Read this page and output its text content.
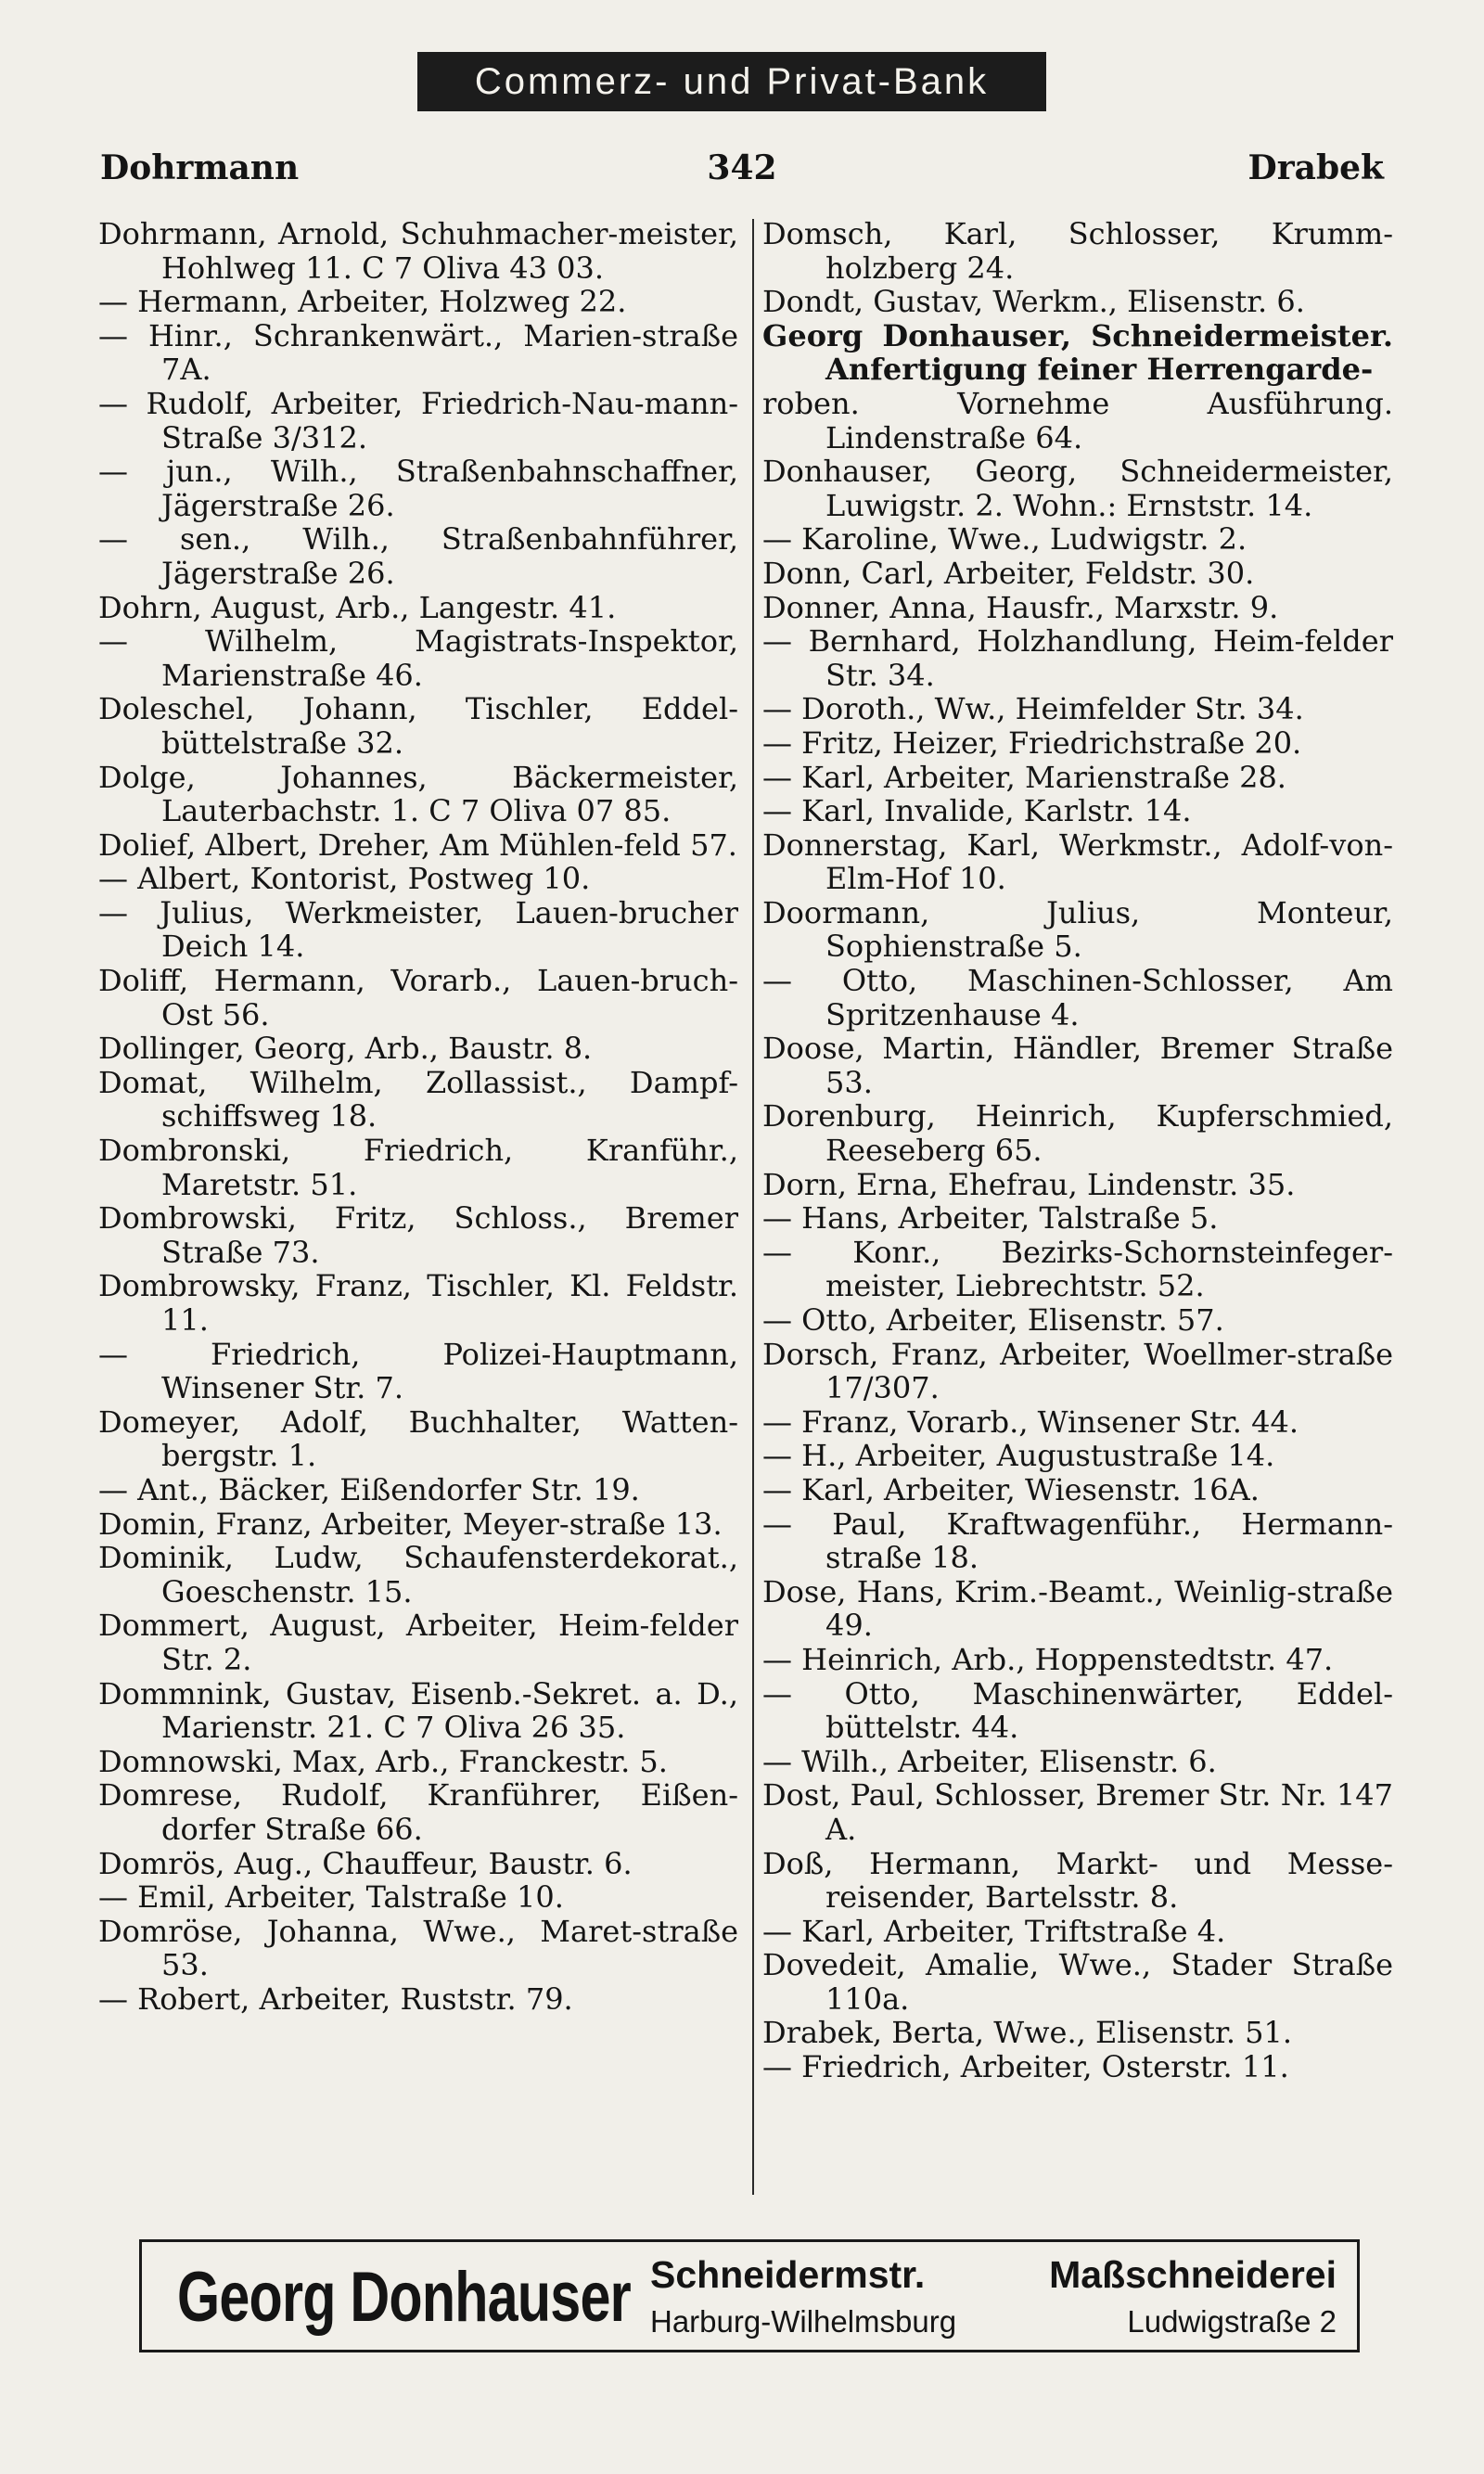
Commerz- und Privat-Bank
Dohrmann	342	Drabek

Dohrmann, Arnold, Schuhmacher-meister, Hohlweg 11. C 7 Oliva 43 03.

— Hermann, Arbeiter, Holzweg 22.

— Hinr., Schrankenwärt., Marien-straße 7A.

— Rudolf, Arbeiter, Friedrich-Nau-mann-Straße 3/312.

— jun., Wilh., Straßenbahnschaffner, Jägerstraße 26.

— sen., Wilh., Straßenbahnführer, Jägerstraße 26.

Dohrn, August, Arb., Langestr. 41.

— Wilhelm, Magistrats-Inspektor, Marienstraße 46.

Doleschel, Johann, Tischler, Eddel-büttelstraße 32.

Dolge, Johannes, Bäckermeister, Lauterbachstr. 1. C 7 Oliva 07 85.

Dolief, Albert, Dreher, Am Mühlen-feld 57.

— Albert, Kontorist, Postweg 10.

— Julius, Werkmeister, Lauen-brucher Deich 14.

Doliff, Hermann, Vorarb., Lauen-bruch-Ost 56.

Dollinger, Georg, Arb., Baustr. 8.

Domat, Wilhelm, Zollassist., Dampf-schiffsweg 18.

Dombronski, Friedrich, Kranführ., Maretstr. 51.

Dombrowski, Fritz, Schloss., Bremer Straße 73.

Dombrowsky, Franz, Tischler, Kl. Feldstr. 11.

— Friedrich, Polizei-Hauptmann, Winsener Str. 7.

Domeyer, Adolf, Buchhalter, Watten-bergstr. 1.

— Ant., Bäcker, Eißendorfer Str. 19.

Domin, Franz, Arbeiter, Meyer-straße 13.

Dominik, Ludw, Schaufensterdekorat., Goeschenstr. 15.

Dommert, August, Arbeiter, Heim-felder Str. 2.

Dommnink, Gustav, Eisenb.-Sekret. a. D., Marienstr. 21. C 7 Oliva 26 35.

Domnowski, Max, Arb., Franckestr. 5.

Domrese, Rudolf, Kranführer, Eißen-dorfer Straße 66.

Domrös, Aug., Chauffeur, Baustr. 6.

— Emil, Arbeiter, Talstraße 10.

Domröse, Johanna, Wwe., Maret-straße 53.

— Robert, Arbeiter, Ruststr. 79.

Domsch, Karl, Schlosser, Krumm-holzberg 24.

Dondt, Gustav, Werkm., Elisenstr. 6.

Georg Donhauser, Schneidermeister. Anfertigung feiner Herrengarde-

roben. Vornehme Ausführung. Lindenstraße 64.

Donhauser, Georg, Schneidermeister, Luwigstr. 2. Wohn.: Ernststr. 14.

— Karoline, Wwe., Ludwigstr. 2.

Donn, Carl, Arbeiter, Feldstr. 30.

Donner, Anna, Hausfr., Marxstr. 9.

— Bernhard, Holzhandlung, Heim-felder Str. 34.

— Doroth., Ww., Heimfelder Str. 34.

— Fritz, Heizer, Friedrichstraße 20.

— Karl, Arbeiter, Marienstraße 28.

— Karl, Invalide, Karlstr. 14.

Donnerstag, Karl, Werkmstr., Adolf-von-Elm-Hof 10.

Doormann, Julius, Monteur, Sophienstraße 5.

— Otto, Maschinen-Schlosser, Am Spritzenhause 4.

Doose, Martin, Händler, Bremer Straße 53.

Dorenburg, Heinrich, Kupferschmied, Reeseberg 65.

Dorn, Erna, Ehefrau, Lindenstr. 35.

— Hans, Arbeiter, Talstraße 5.

— Konr., Bezirks-Schornsteinfeger-meister, Liebrechtstr. 52.

— Otto, Arbeiter, Elisenstr. 57.

Dorsch, Franz, Arbeiter, Woellmer-straße 17/307.

— Franz, Vorarb., Winsener Str. 44.

— H., Arbeiter, Augustustraße 14.

— Karl, Arbeiter, Wiesenstr. 16A.

— Paul, Kraftwagenführ., Hermann-straße 18.

Dose, Hans, Krim.-Beamt., Weinlig-straße 49.

— Heinrich, Arb., Hoppenstedtstr. 47.

— Otto, Maschinenwärter, Eddel-büttelstr. 44.

— Wilh., Arbeiter, Elisenstr. 6.

Dost, Paul, Schlosser, Bremer Str. Nr. 147 A.

Doß, Hermann, Markt- und Messe-reisender, Bartelsstr. 8.

— Karl, Arbeiter, Triftstraße 4.

Dovedeit, Amalie, Wwe., Stader Straße 110a.

Drabek, Berta, Wwe., Elisenstr. 51.

— Friedrich, Arbeiter, Osterstr. 11.

Georg Donhauser Schneidermstr.	Maßschneiderei
Harburg-Wilhelmsburg	Ludwigstraße 2
